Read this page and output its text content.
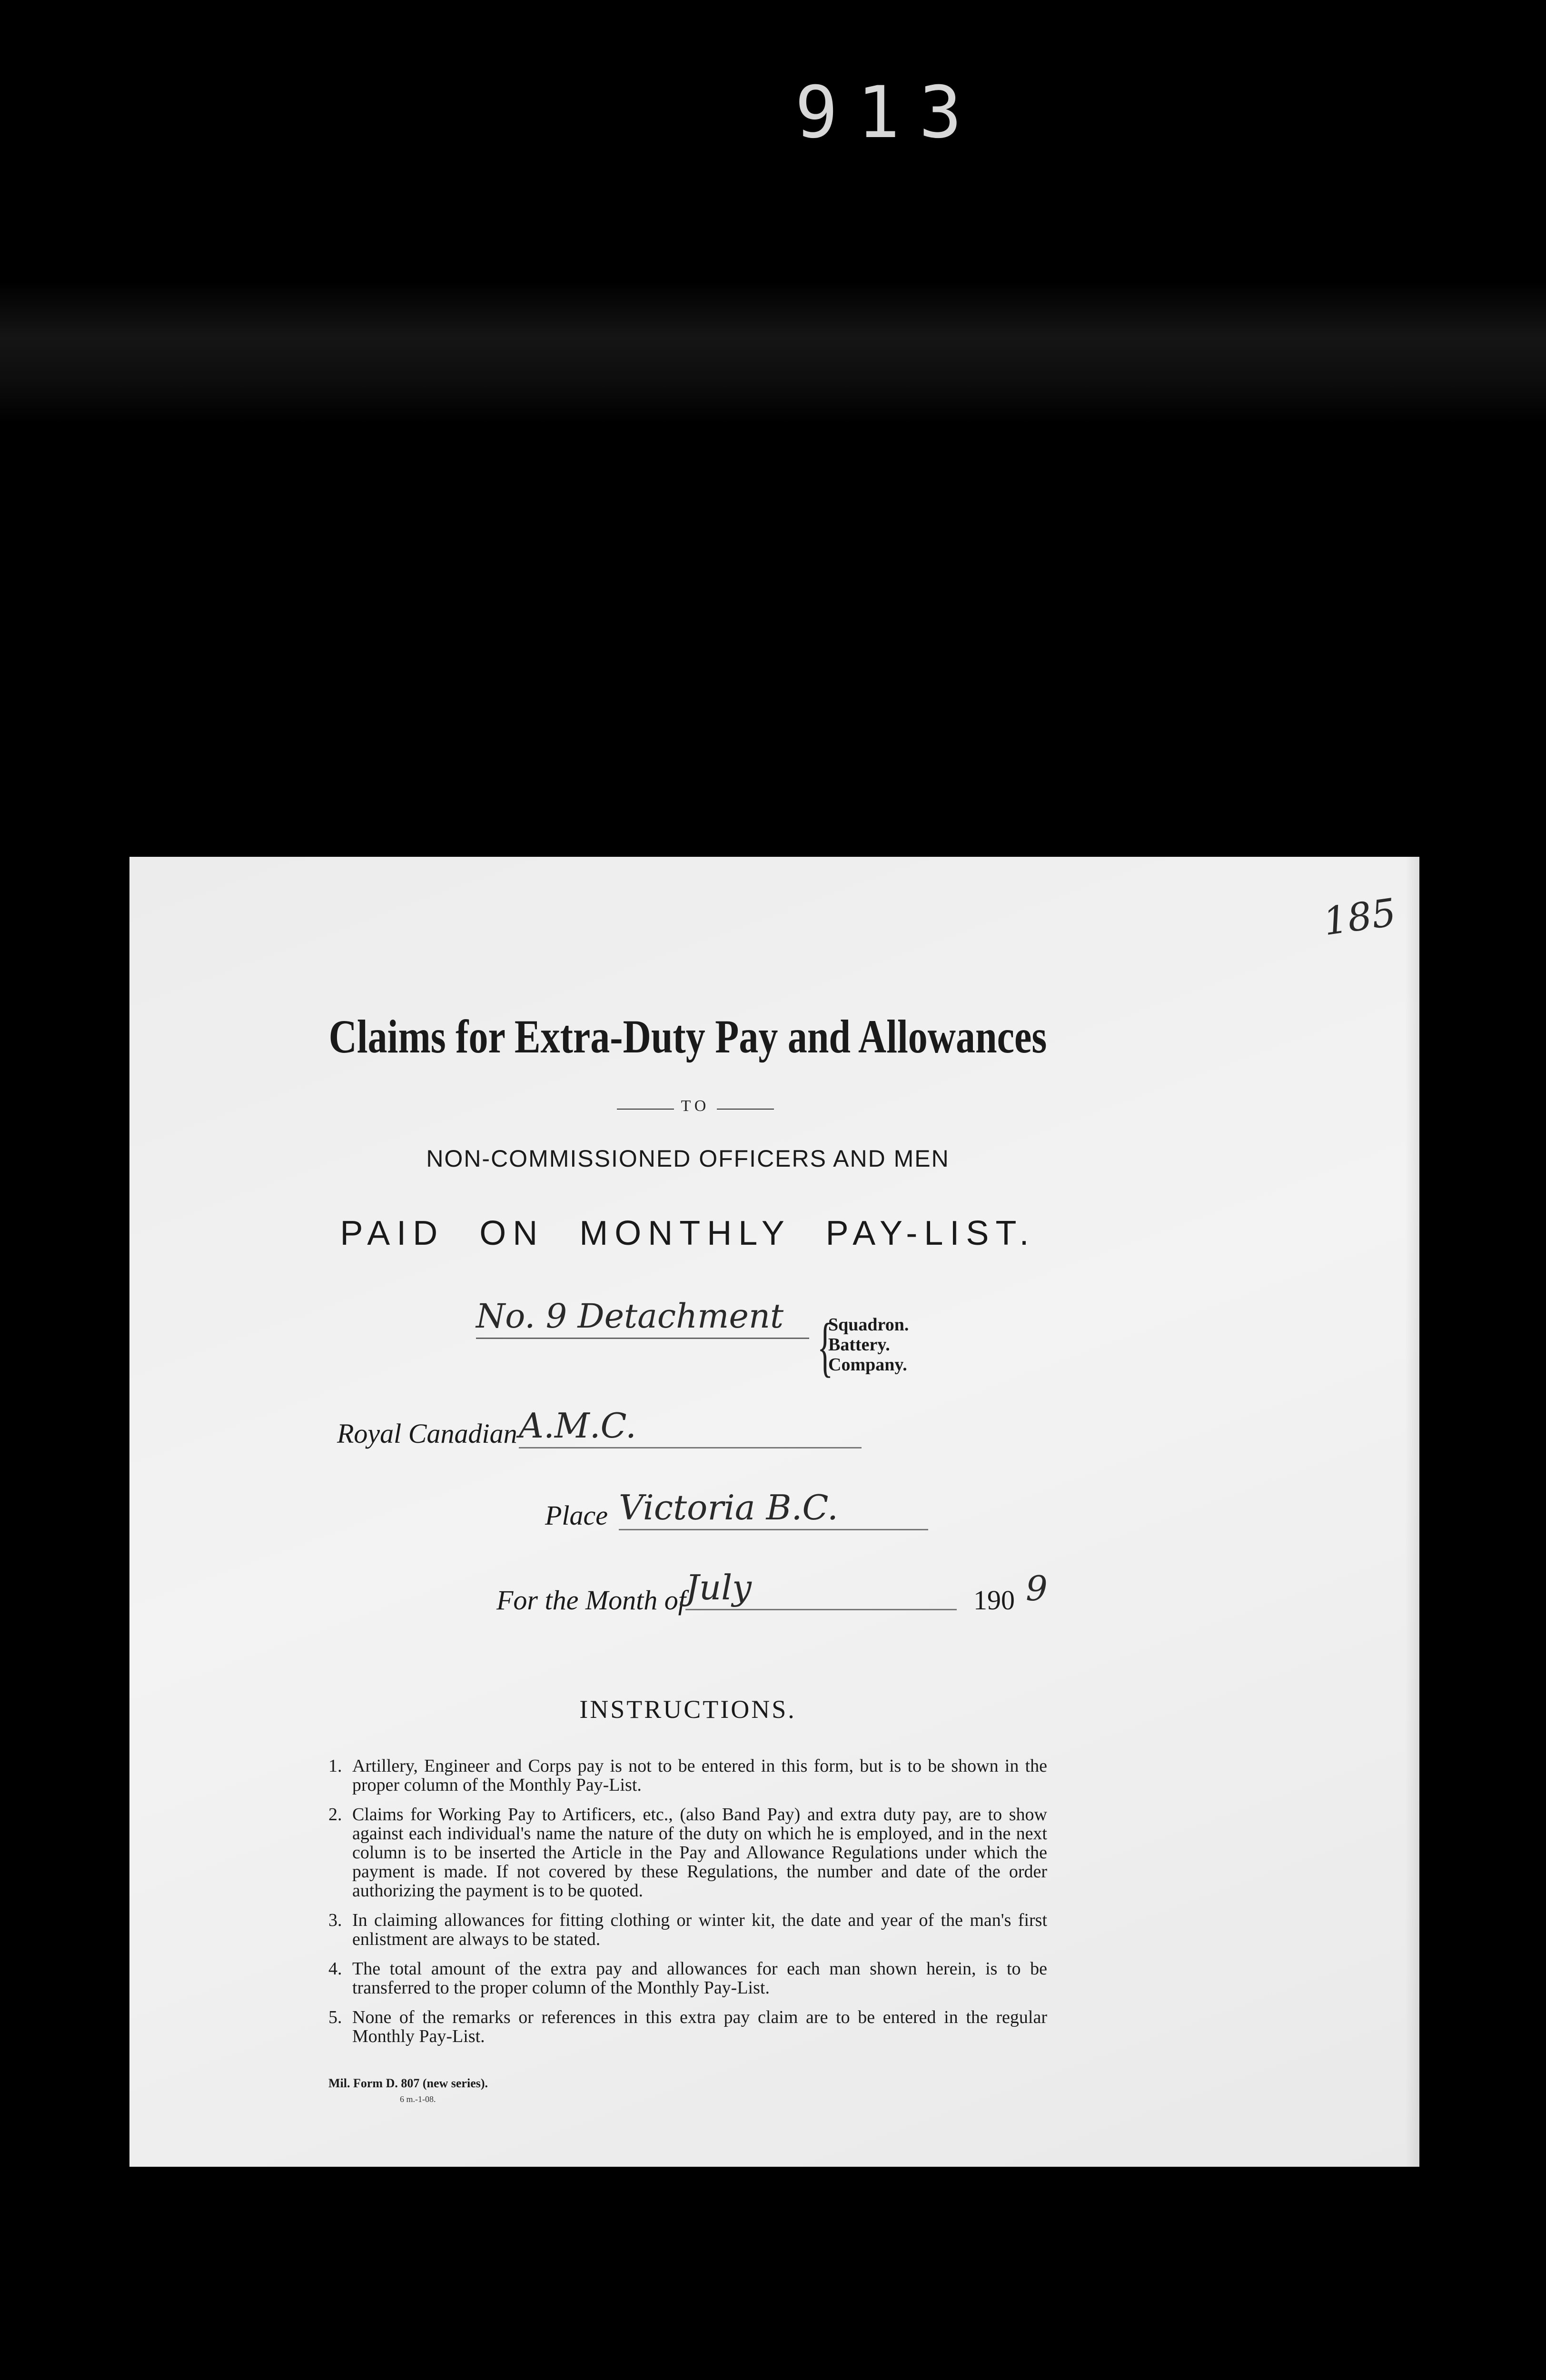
913
185
Claims for Extra-Duty Pay and Allowances
TO
NON-COMMISSIONED OFFICERS AND MEN
PAID ON MONTHLY PAY-LIST.
No. 9 Detachment {
Squadron.
Battery.
Company.
Royal Canadian A.M.C.
Place Victoria B.C.
For the Month of July	190 9
INSTRUCTIONS.
1. Artillery, Engineer and Corps pay is not to be entered in this form, but is to be shown in the proper column of the Monthly Pay-List.
2. Claims for Working Pay to Artificers, etc., (also Band Pay) and extra duty pay, are to show against each individual's name the nature of the duty on which he is employed, and in the next column is to be inserted the Article in the Pay and Allowance Regulations under which the payment is made. If not covered by these Regulations, the number and date of the order authorizing the payment is to be quoted.
3. In claiming allowances for fitting clothing or winter kit, the date and year of the man's first enlistment are always to be stated.
4. The total amount of the extra pay and allowances for each man shown herein, is to be transferred to the proper column of the Monthly Pay-List.
5. None of the remarks or references in this extra pay claim are to be entered in the regular Monthly Pay-List.
Mil. Form D. 807 (new series).
6 m.-1-08.
